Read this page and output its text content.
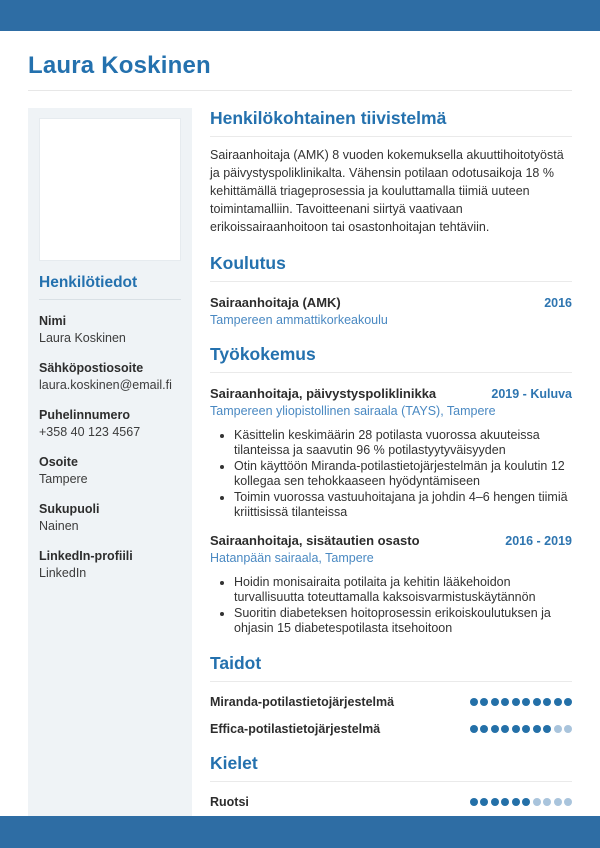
Laura Koskinen
Henkilötiedot
Nimi
Laura Koskinen
Sähköpostiosoite
laura.koskinen@email.fi
Puhelinnumero
+358 40 123 4567
Osoite
Tampere
Sukupuoli
Nainen
LinkedIn-profiili
LinkedIn
Henkilökohtainen tiivistelmä

Sairaanhoitaja (AMK) 8 vuoden kokemuksella akuuttihoitotyöstä ja päivystyspoliklinikalta. Vähensin potilaan odotusaikoja 18 % kehittämällä triageprosessia ja kouluttamalla tiimiä uuteen toimintamalliin. Tavoitteenani siirtyä vaativaan erikoissairaanhoitoon tai osastonhoitajan tehtäviin.

Koulutus
Sairaanhoitaja (AMK)	2016
Tampereen ammattikorkeakoulu
Työkokemus
Sairaanhoitaja, päivystyspoliklinikka	2019 - Kuluva
Tampereen yliopistollinen sairaala (TAYS), Tampere
• Käsittelin keskimäärin 28 potilasta vuorossa akuuteissa tilanteissa ja saavutin 96 % potilastyytyväisyyden
• Otin käyttöön Miranda-potilastietojärjestelmän ja koulutin 12 kollegaa sen tehokkaaseen hyödyntämiseen
• Toimin vuorossa vastuuhoitajana ja johdin 4–6 hengen tiimiä kriittisissä tilanteissa
Sairaanhoitaja, sisätautien osasto	2016 - 2019
Hatanpään sairaala, Tampere
• Hoidin monisairaita potilaita ja kehitin lääkehoidon turvallisuutta toteuttamalla kaksoisvarmistuskäytännön
• Suoritin diabeteksen hoitoprosessin erikoiskoulutuksen ja ohjasin 15 diabetespotilasta itsehoitoon
Taidot
Miranda-potilastietojärjestelmä
Effica-potilastietojärjestelmä
Kielet
Ruotsi
